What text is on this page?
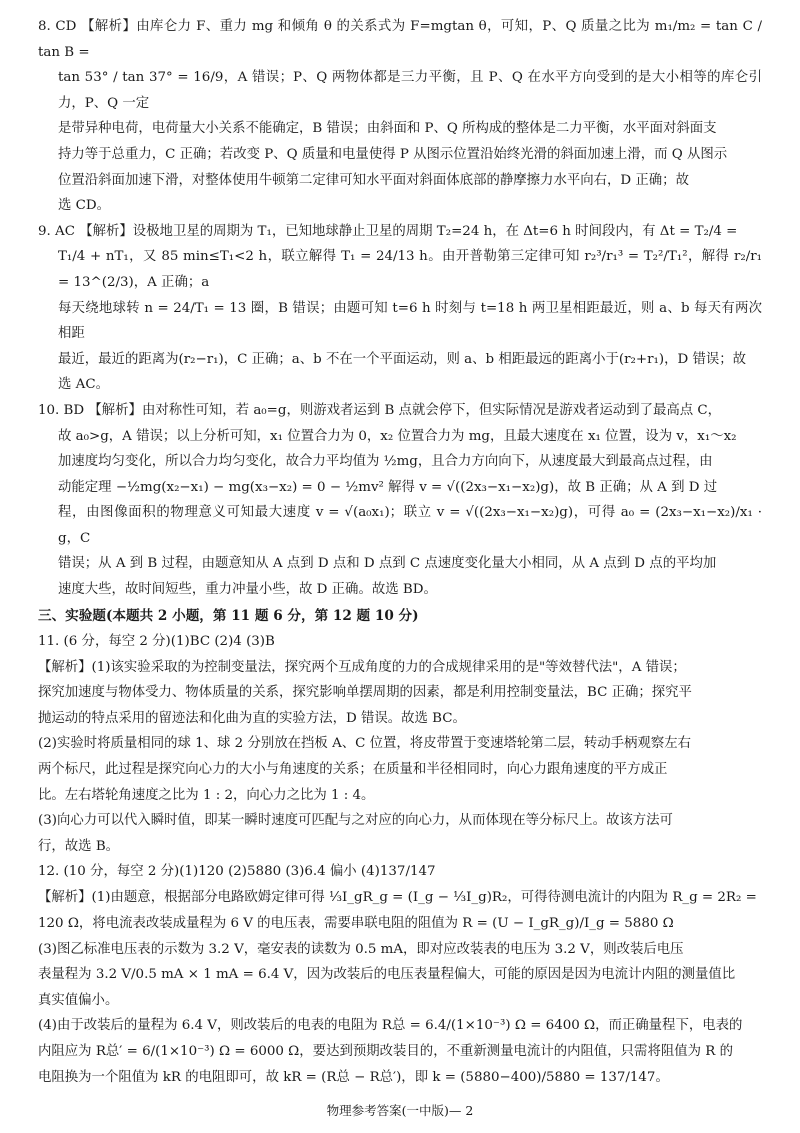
8. CD 【解析】由库仑力 F、重力 mg 和倾角 θ 的关系式为 F=mgtan θ，可知，P、Q 质量之比为 m₁/m₂ = tan C / tan B =

tan 53° / tan 37° = 16/9，A 错误；P、Q 两物体都是三力平衡，且 P、Q 在水平方向受到的是大小相等的库仑引力，P、Q 一定

是带异种电荷，电荷量大小关系不能确定，B 错误；由斜面和 P、Q 所构成的整体是二力平衡，水平面对斜面支

持力等于总重力，C 正确；若改变 P、Q 质量和电量使得 P 从图示位置沿始终光滑的斜面加速上滑，而 Q 从图示

位置沿斜面加速下滑，对整体使用牛顿第二定律可知水平面对斜面体底部的静摩擦力水平向右，D 正确；故

选 CD。

9. AC 【解析】设极地卫星的周期为 T₁，已知地球静止卫星的周期 T₂=24 h，在 Δt=6 h 时间段内，有 Δt = T₂/4 =

T₁/4 + nT₁，又 85 min≤T₁<2 h，联立解得 T₁ = 24/13 h。由开普勒第三定律可知 r₂³/r₁³ = T₂²/T₁²，解得 r₂/r₁ = 13^(2/3)，A 正确；a

每天绕地球转 n = 24/T₁ = 13 圈，B 错误；由题可知 t=6 h 时刻与 t=18 h 两卫星相距最近，则 a、b 每天有两次相距

最近，最近的距离为(r₂−r₁)，C 正确；a、b 不在一个平面运动，则 a、b 相距最远的距离小于(r₂+r₁)，D 错误；故

选 AC。

10. BD 【解析】由对称性可知，若 a₀=g，则游戏者运到 B 点就会停下，但实际情况是游戏者运动到了最高点 C，

故 a₀>g，A 错误；以上分析可知，x₁ 位置合力为 0，x₂ 位置合力为 mg，且最大速度在 x₁ 位置，设为 v，x₁～x₂

加速度均匀变化，所以合力均匀变化，故合力平均值为 ½mg，且合力方向向下，从速度最大到最高点过程，由

动能定理 −½mg(x₂−x₁) − mg(x₃−x₂) = 0 − ½mv² 解得 v = √((2x₃−x₁−x₂)g)，故 B 正确；从 A 到 D 过

程，由图像面积的物理意义可知最大速度 v = √(a₀x₁)；联立 v = √((2x₃−x₁−x₂)g)，可得 a₀ = (2x₃−x₁−x₂)/x₁ · g，C

错误；从 A 到 B 过程，由题意知从 A 点到 D 点和 D 点到 C 点速度变化量大小相同，从 A 点到 D 点的平均加

速度大些，故时间短些，重力冲量小些，故 D 正确。故选 BD。

三、实验题(本题共 2 小题，第 11 题 6 分，第 12 题 10 分)

11. (6 分，每空 2 分)(1)BC (2)4 (3)B

【解析】(1)该实验采取的为控制变量法，探究两个互成角度的力的合成规律采用的是"等效替代法"，A 错误；

探究加速度与物体受力、物体质量的关系，探究影响单摆周期的因素，都是利用控制变量法，BC 正确；探究平

抛运动的特点采用的留迹法和化曲为直的实验方法，D 错误。故选 BC。

(2)实验时将质量相同的球 1、球 2 分别放在挡板 A、C 位置，将皮带置于变速塔轮第二层，转动手柄观察左右

两个标尺，此过程是探究向心力的大小与角速度的关系；在质量和半径相同时，向心力跟角速度的平方成正

比。左右塔轮角速度之比为 1 : 2，向心力之比为 1 : 4。

(3)向心力可以代入瞬时值，即某一瞬时速度可匹配与之对应的向心力，从而体现在等分标尺上。故该方法可

行，故选 B。

12. (10 分，每空 2 分)(1)120 (2)5880 (3)6.4 偏小 (4)137/147

【解析】(1)由题意，根据部分电路欧姆定律可得 ⅓I_gR_g = (I_g − ⅓I_g)R₂，可得待测电流计的内阻为 R_g = 2R₂ =

120 Ω，将电流表改装成量程为 6 V 的电压表，需要串联电阻的阻值为 R = (U − I_gR_g)/I_g = 5880 Ω

(3)图乙标准电压表的示数为 3.2 V，毫安表的读数为 0.5 mA，即对应改装表的电压为 3.2 V，则改装后电压

表量程为 3.2 V/0.5 mA × 1 mA = 6.4 V，因为改装后的电压表量程偏大，可能的原因是因为电流计内阻的测量值比

真实值偏小。

(4)由于改装后的量程为 6.4 V，则改装后的电表的电阻为 R总 = 6.4/(1×10⁻³) Ω = 6400 Ω，而正确量程下，电表的

内阻应为 R总′ = 6/(1×10⁻³) Ω = 6000 Ω，要达到预期改装目的，不重新测量电流计的内阻值，只需将阻值为 R 的

电阻换为一个阻值为 kR 的电阻即可，故 kR = (R总 − R总′)，即 k = (5880−400)/5880 = 137/147。

物理参考答案(一中版)— 2
